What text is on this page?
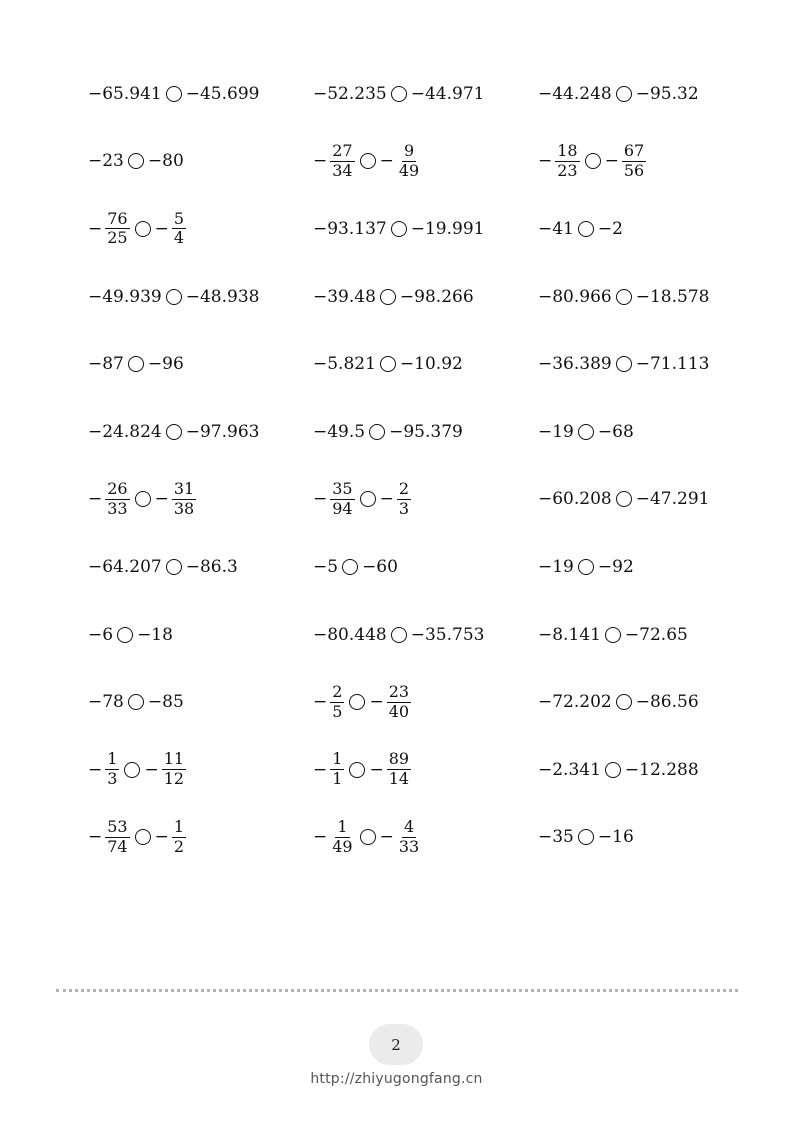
−65.941 −45.699	−52.235 −44.971	−44.248 −95.32
−23 −80	− $\frac{27}{34} - \frac{9}{49}$	− $\frac{18}{23} - \frac{67}{56}$
− $\frac{76}{25} - \frac{5}{4}$	−93.137 −19.991	−41 −2
−49.939 −48.938	−39.48 −98.266	−80.966 −18.578
−87 −96	−5.821 −10.92	−36.389 −71.113
−24.824 −97.963	−49.5 −95.379	−19 −68
− $\frac{26}{33} - \frac{31}{38}$	− $\frac{35}{94} - \frac{2}{3}$	−60.208 −47.291
−64.207 −86.3	−5 −60	−19 −92
−6 −18	−80.448 −35.753	−8.141 −72.65
−78 −85	− $\frac{2}{5} - \frac{23}{40}$	−72.202 −86.56
− $\frac{1}{3} - \frac{11}{12}$	− $\frac{1}{1} - \frac{89}{14}$	−2.341 −12.288
− $\frac{53}{74} - \frac{1}{2}$	− $\frac{1}{49} - \frac{4}{33}$	−35 −16
2
http://zhiyugongfang.cn
